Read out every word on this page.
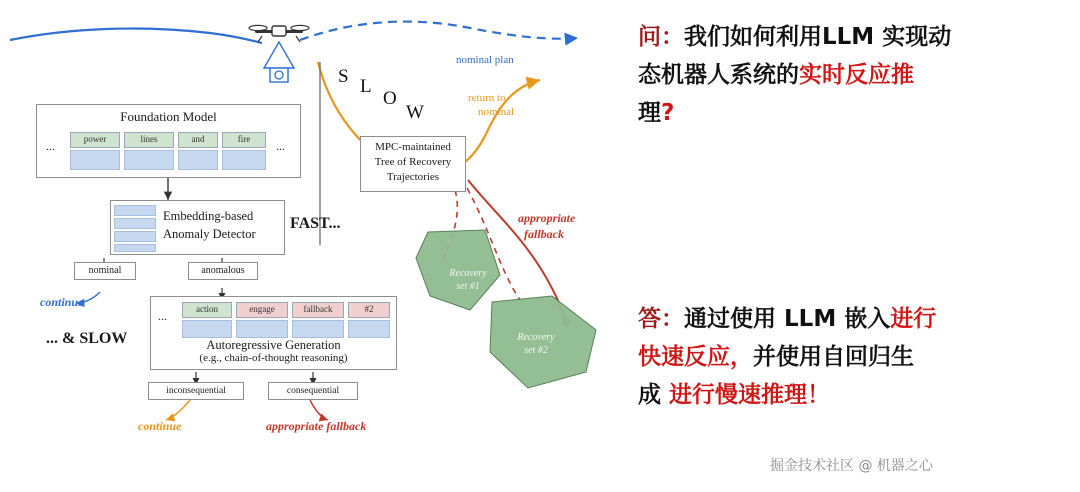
S L
O
W
nominal plan
return to
nominal
Foundation Model
...	power	lines	and	fire	...
Embedding-based
Anomaly Detector
FAST...
nominal	anomalous
continue
... & SLOW
...	action	engage	fallback	#2
Autoregressive Generation
(e.g., chain-of-thought reasoning)
inconsequential	consequential
continue	appropriate fallback
MPC-maintained
Tree of Recovery
Trajectories
appropriate
fallback
Recovery
set #1
Recovery
set #2
问：我们如何利用LLM 实现动
态机器人系统的实时反应推
理?
答：通过使用 LLM 嵌入进行
快速反应，并使用自回归生
成 进行慢速推理！
掘金技术社区 @ 机器之心
